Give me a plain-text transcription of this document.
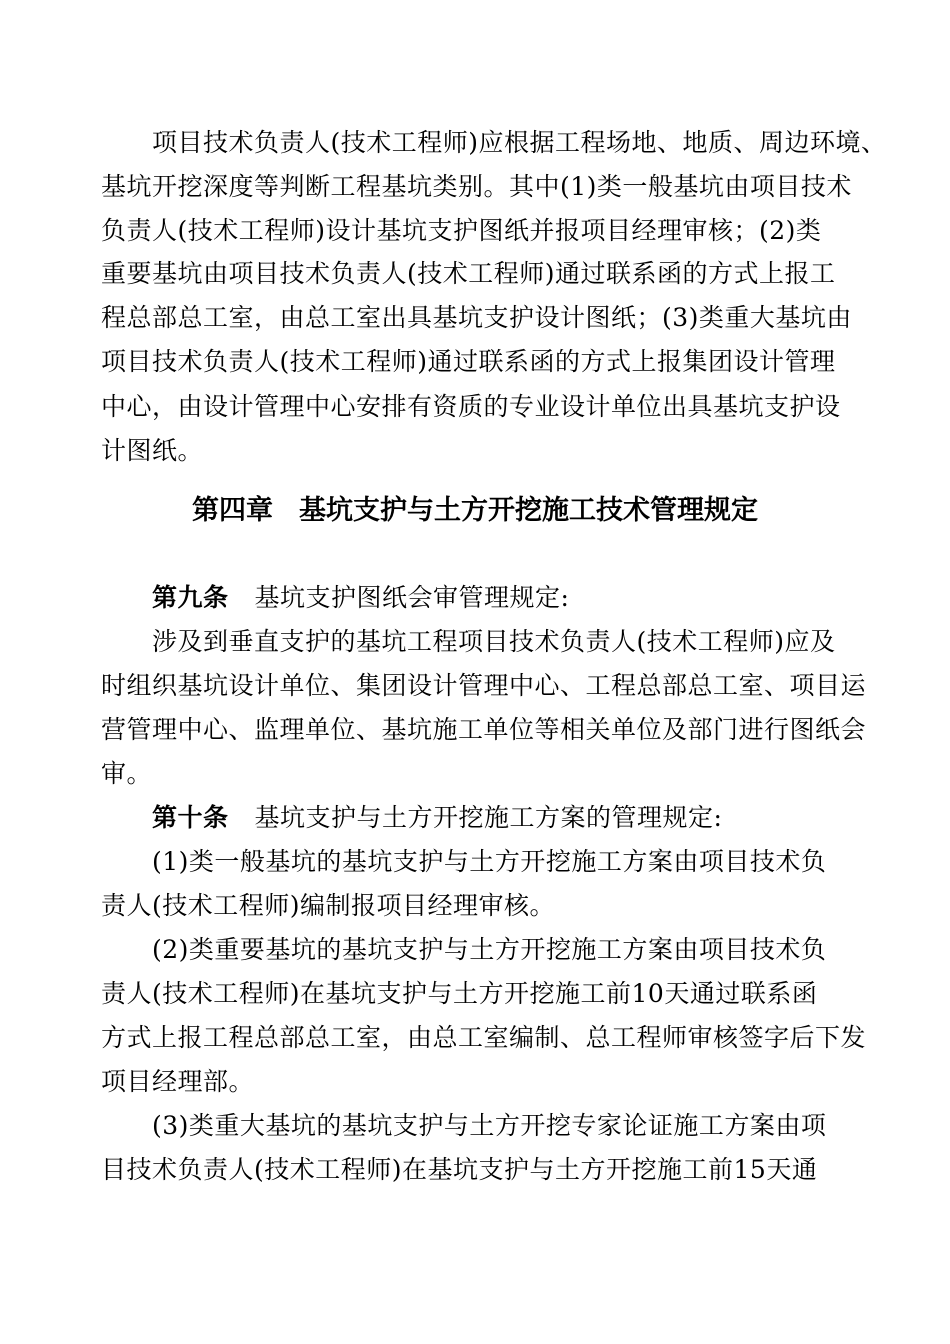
项目技术负责人(技术工程师)应根据工程场地、地质、周边环境、
基坑开挖深度等判断工程基坑类别。其中(1)类一般基坑由项目技术
负责人(技术工程师)设计基坑支护图纸并报项目经理审核；(2)类
重要基坑由项目技术负责人(技术工程师)通过联系函的方式上报工
程总部总工室，由总工室出具基坑支护设计图纸；(3)类重大基坑由
项目技术负责人(技术工程师)通过联系函的方式上报集团设计管理
中心，由设计管理中心安排有资质的专业设计单位出具基坑支护设
计图纸。
第四章 基坑支护与土方开挖施工技术管理规定
第九条 基坑支护图纸会审管理规定:
涉及到垂直支护的基坑工程项目技术负责人(技术工程师)应及
时组织基坑设计单位、集团设计管理中心、工程总部总工室、项目运
营管理中心、监理单位、基坑施工单位等相关单位及部门进行图纸会
审。
第十条 基坑支护与土方开挖施工方案的管理规定:
(1)类一般基坑的基坑支护与土方开挖施工方案由项目技术负
责人(技术工程师)编制报项目经理审核。
(2)类重要基坑的基坑支护与土方开挖施工方案由项目技术负
责人(技术工程师)在基坑支护与土方开挖施工前10天通过联系函
方式上报工程总部总工室，由总工室编制、总工程师审核签字后下发
项目经理部。
(3)类重大基坑的基坑支护与土方开挖专家论证施工方案由项
目技术负责人(技术工程师)在基坑支护与土方开挖施工前15天通
